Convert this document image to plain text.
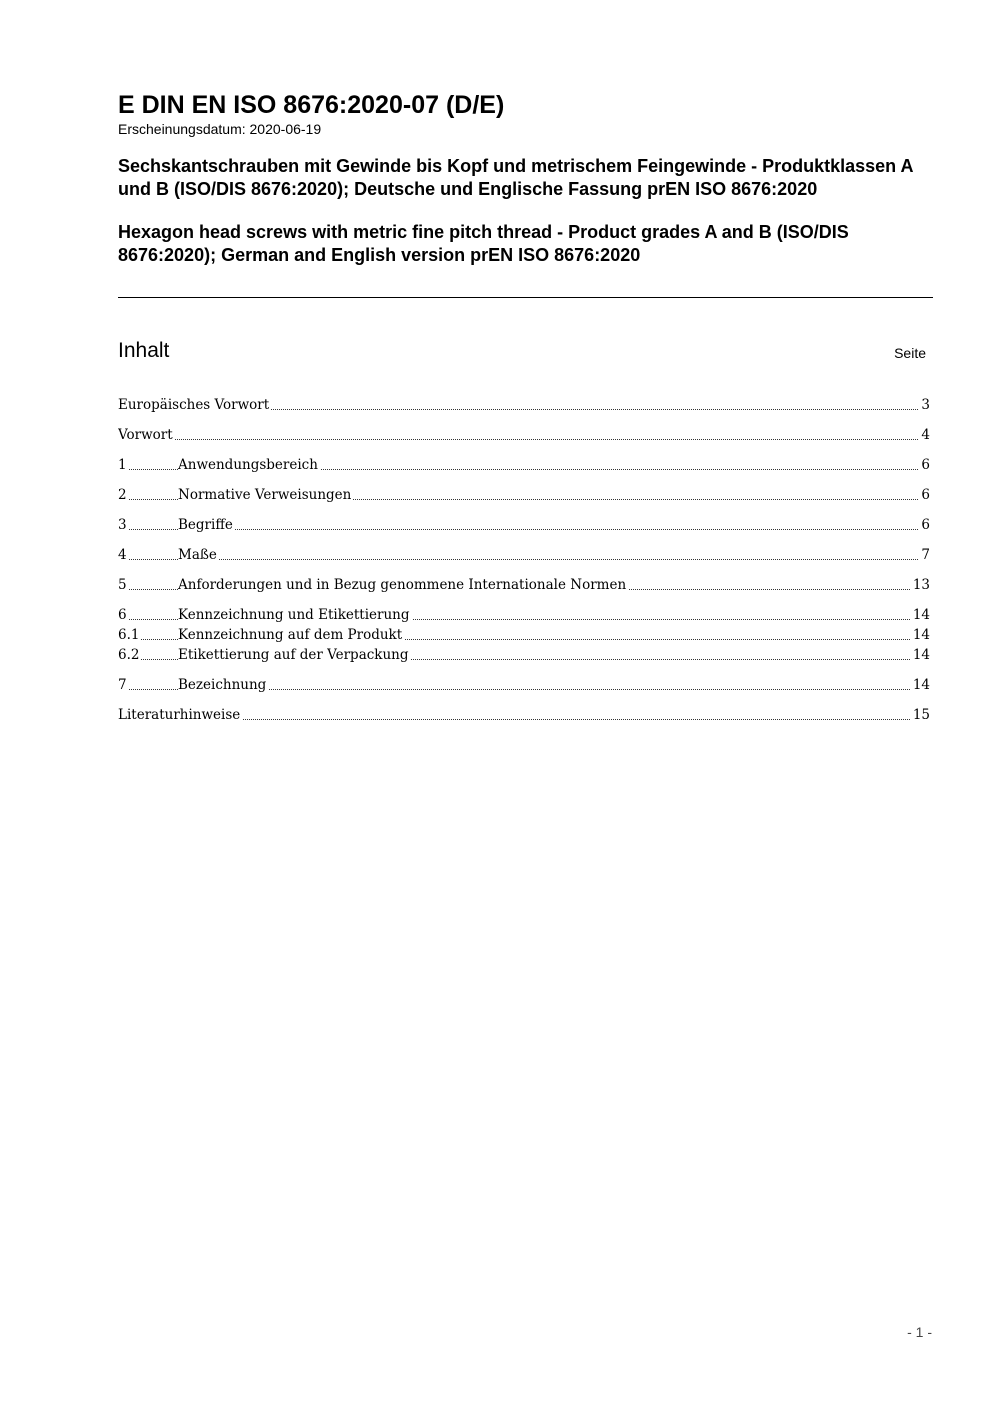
E DIN EN ISO 8676:2020-07 (D/E)

Erscheinungsdatum: 2020-06-19

Sechskantschrauben mit Gewinde bis Kopf und metrischem Feingewinde - Produktklassen A und B (ISO/DIS 8676:2020); Deutsche und Englische Fassung prEN ISO 8676:2020

Hexagon head screws with metric fine pitch thread - Product grades A and B (ISO/DIS 8676:2020); German and English version prEN ISO 8676:2020

Inhalt	Seite
Europäisches Vorwort	3
Vorwort	4
1	Anwendungsbereich	6
2	Normative Verweisungen	6
3	Begriffe	6
4	Maße	7
5	Anforderungen und in Bezug genommene Internationale Normen	13
6	Kennzeichnung und Etikettierung	14
6.1	Kennzeichnung auf dem Produkt	14
6.2	Etikettierung auf der Verpackung	14
7	Bezeichnung	14
Literaturhinweise	15
- 1 -
